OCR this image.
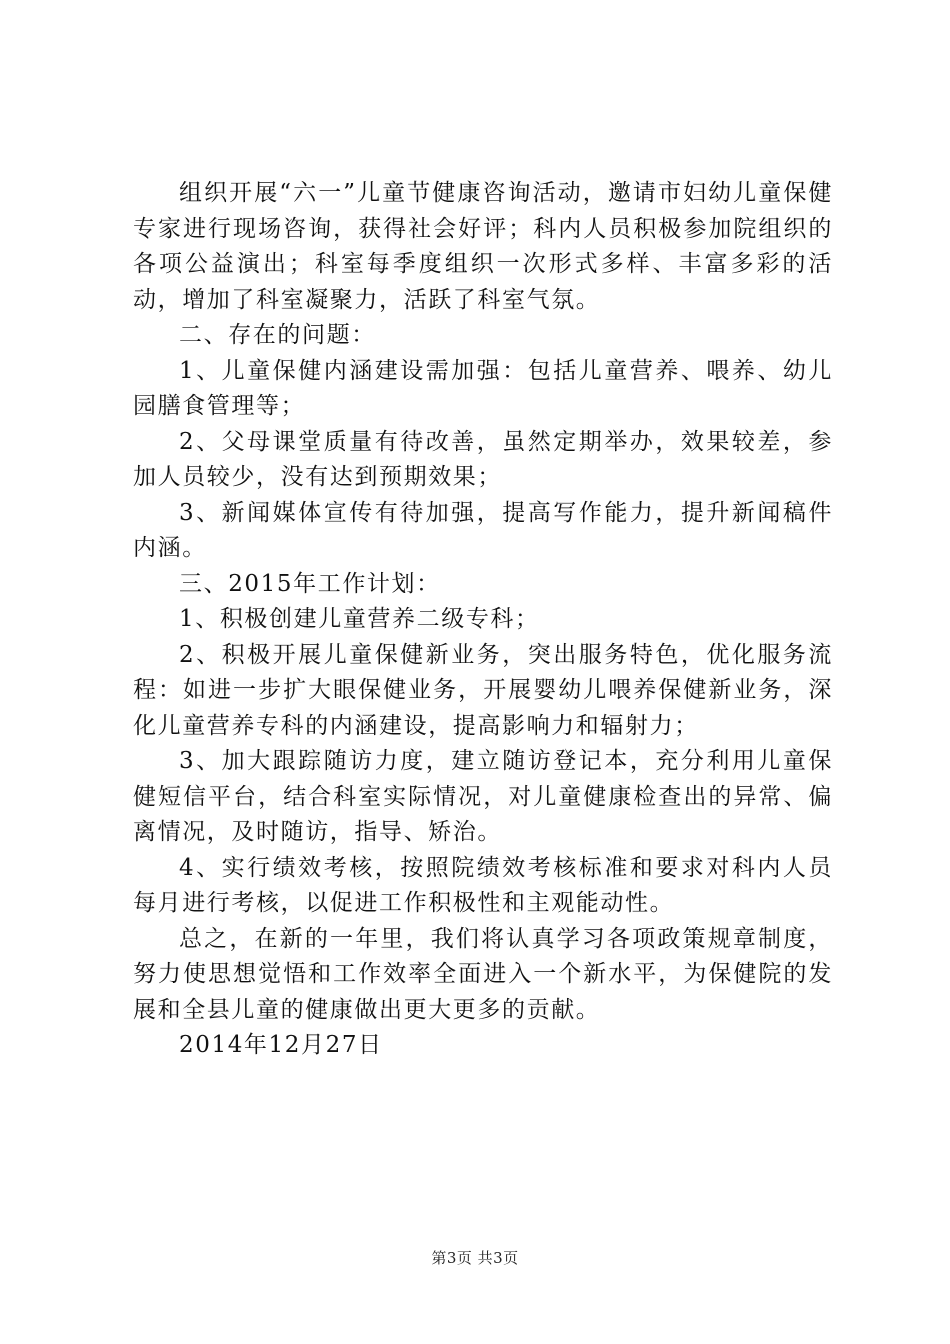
组织开展“六一”儿童节健康咨询活动，邀请市妇幼儿童保健专家进行现场咨询，获得社会好评；科内人员积极参加院组织的各项公益演出；科室每季度组织一次形式多样、丰富多彩的活动，增加了科室凝聚力，活跃了科室气氛。

二、存在的问题：

1、儿童保健内涵建设需加强：包括儿童营养、喂养、幼儿园膳食管理等；

2、父母课堂质量有待改善，虽然定期举办，效果较差，参加人员较少，没有达到预期效果；

3、新闻媒体宣传有待加强，提高写作能力，提升新闻稿件内涵。

三、2015年工作计划：

1、积极创建儿童营养二级专科；

2、积极开展儿童保健新业务，突出服务特色，优化服务流程：如进一步扩大眼保健业务，开展婴幼儿喂养保健新业务，深化儿童营养专科的内涵建设，提高影响力和辐射力；

3、加大跟踪随访力度，建立随访登记本，充分利用儿童保健短信平台，结合科室实际情况，对儿童健康检查出的异常、偏离情况，及时随访，指导、矫治。

4、实行绩效考核，按照院绩效考核标准和要求对科内人员每月进行考核，以促进工作积极性和主观能动性。

总之，在新的一年里，我们将认真学习各项政策规章制度，努力使思想觉悟和工作效率全面进入一个新水平，为保健院的发展和全县儿童的健康做出更大更多的贡献。

2014年12月27日

第3页 共3页
